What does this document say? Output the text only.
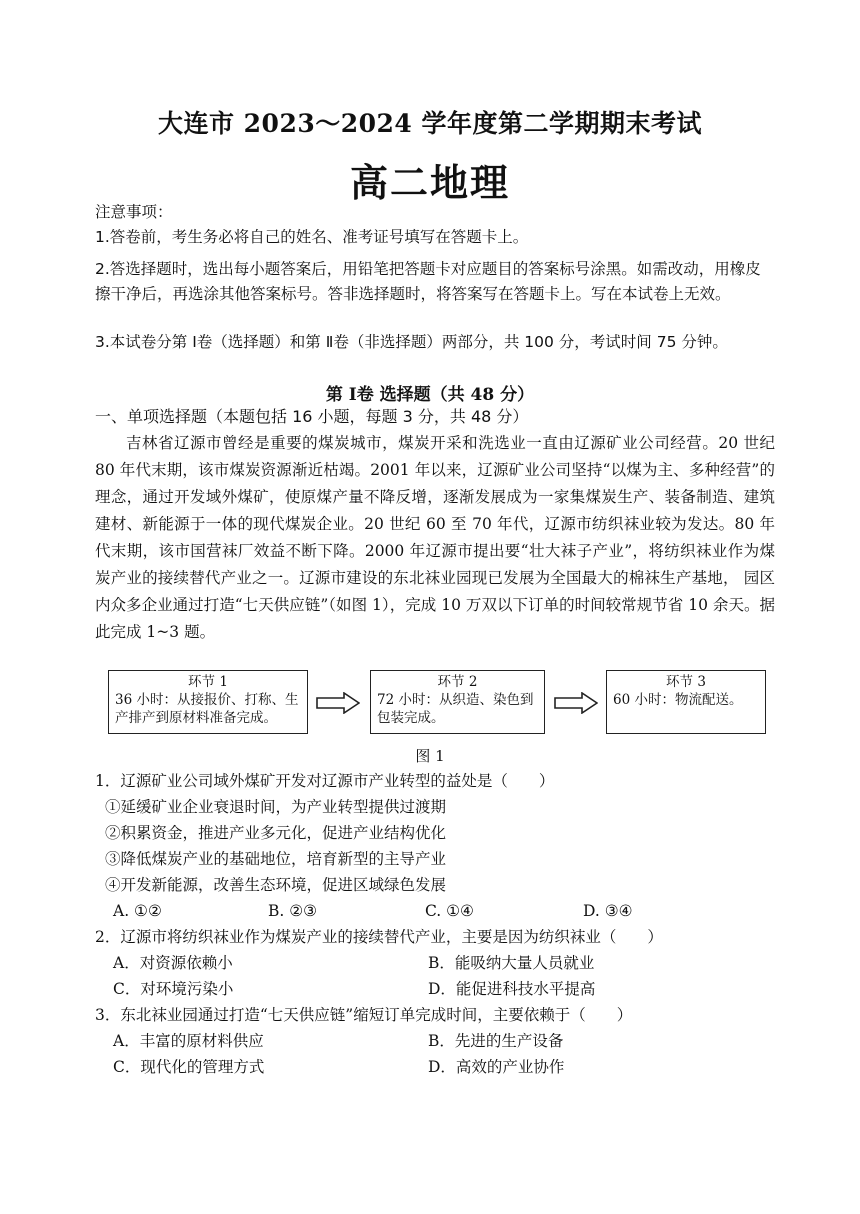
大连市 2023～2024 学年度第二学期期末考试
高二地理
注意事项：
1.答卷前，考生务必将自己的姓名、准考证号填写在答题卡上。
2.答选择题时，选出每小题答案后，用铅笔把答题卡对应题目的答案标号涂黑。如需改动，用橡皮擦干净后，再选涂其他答案标号。答非选择题时，将答案写在答题卡上。写在本试卷上无效。
3.本试卷分第 Ⅰ卷（选择题）和第 Ⅱ卷（非选择题）两部分，共 100 分，考试时间 75 分钟。
第 Ⅰ卷 选择题（共 48 分）
一、单项选择题（本题包括 16 小题，每题 3 分，共 48 分）
吉林省辽源市曾经是重要的煤炭城市，煤炭开采和洗选业一直由辽源矿业公司经营。20 世纪 80 年代末期，该市煤炭资源渐近枯竭。2001 年以来，辽源矿业公司坚持“以煤为主、多种经营”的理念，通过开发域外煤矿，使原煤产量不降反增，逐渐发展成为一家集煤炭生产、装备制造、建筑建材、新能源于一体的现代煤炭企业。20 世纪 60 至 70 年代，辽源市纺织袜业较为发达。80 年代末期，该市国营袜厂效益不断下降。2000 年辽源市提出要“壮大袜子产业”，将纺织袜业作为煤炭产业的接续替代产业之一。辽源市建设的东北袜业园现已发展为全国最大的棉袜生产基地， 园区内众多企业通过打造“七天供应链”（如图 1），完成 10 万双以下订单的时间较常规节省 10 余天。据此完成 1~3 题。
环节 1
36 小时：从接报价、打称、生产排产到原材料准备完成。
环节 2
72 小时：从织造、染色到包装完成。
环节 3
60 小时：物流配送。
图 1
1．辽源矿业公司域外煤矿开发对辽源市产业转型的益处是（　　）
①延缓矿业企业衰退时间，为产业转型提供过渡期
②积累资金，推进产业多元化，促进产业结构优化
③降低煤炭产业的基础地位，培育新型的主导产业
④开发新能源，改善生态环境，促进区域绿色发展
A. ①②	B. ②③	C. ①④	D. ③④
2．辽源市将纺织袜业作为煤炭产业的接续替代产业，主要是因为纺织袜业（　　）
A．对资源依赖小	B．能吸纳大量人员就业
C．对环境污染小	D．能促进科技水平提高
3．东北袜业园通过打造“七天供应链”缩短订单完成时间，主要依赖于（　　）
A．丰富的原材料供应	B．先进的生产设备
C．现代化的管理方式	D．高效的产业协作
